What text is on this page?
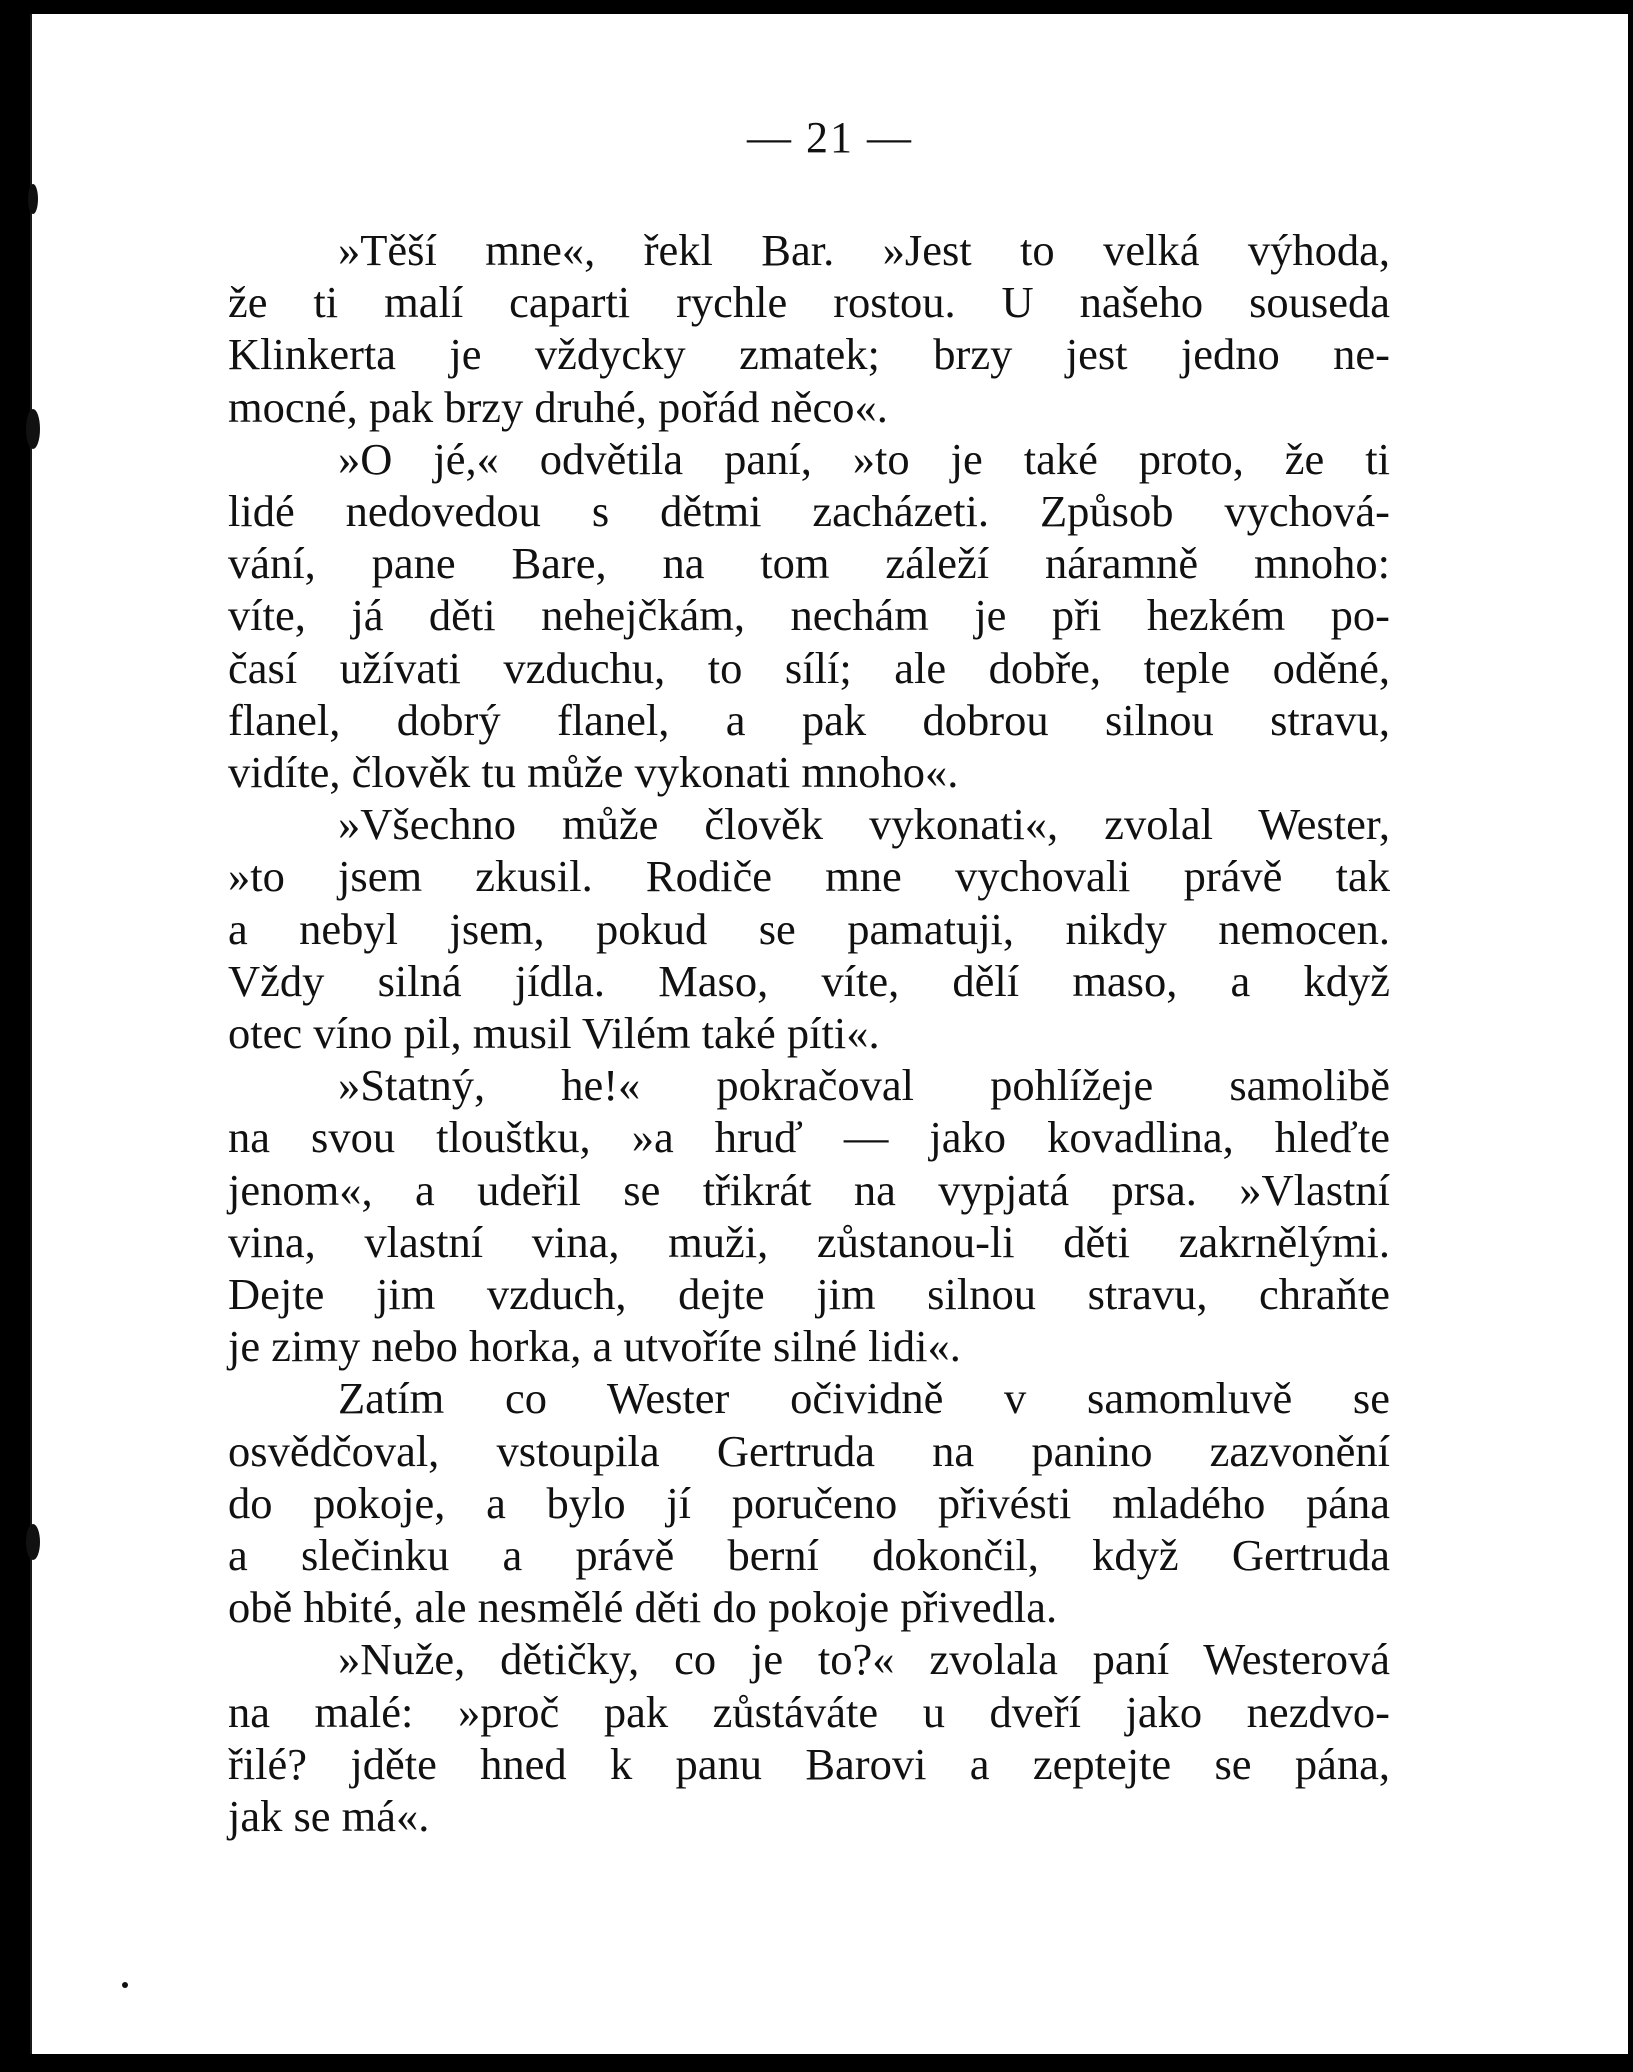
— 21 —

»Těší mne«, řekl Bar. »Jest to velká výhoda,
že ti malí caparti rychle rostou. U našeho souseda
Klinkerta je vždycky zmatek; brzy jest jedno ne-
mocné, pak brzy druhé, pořád něco«.

»O jé,« odvětila paní, »to je také proto, že ti
lidé nedovedou s dětmi zacházeti. Způsob vychová-
vání, pane Bare, na tom záleží náramně mnoho:
víte, já děti nehejčkám, nechám je při hezkém po-
časí užívati vzduchu, to sílí; ale dobře, teple oděné,
flanel, dobrý flanel, a pak dobrou silnou stravu,
vidíte, člověk tu může vykonati mnoho«.

»Všechno může člověk vykonati«, zvolal Wester,
»to jsem zkusil. Rodiče mne vychovali právě tak
a nebyl jsem, pokud se pamatuji, nikdy nemocen.
Vždy silná jídla. Maso, víte, dělí maso, a když
otec víno pil, musil Vilém také píti«.

»Statný, he!« pokračoval pohlížeje samolibě
na svou tlouštku, »a hruď — jako kovadlina, hleďte
jenom«, a udeřil se třikrát na vypjatá prsa. »Vlastní
vina, vlastní vina, muži, zůstanou-li děti zakrnělými.
Dejte jim vzduch, dejte jim silnou stravu, chraňte
je zimy nebo horka, a utvoříte silné lidi«.

Zatím co Wester očividně v samomluvě se
osvědčoval, vstoupila Gertruda na panino zazvonění
do pokoje, a bylo jí poručeno přivésti mladého pána
a slečinku a právě berní dokončil, když Gertruda
obě hbité, ale nesmělé děti do pokoje přivedla.

»Nuže, dětičky, co je to?« zvolala paní Westerová
na malé: »proč pak zůstáváte u dveří jako nezdvo-
řilé? jděte hned k panu Barovi a zeptejte se pána,
jak se má«.
